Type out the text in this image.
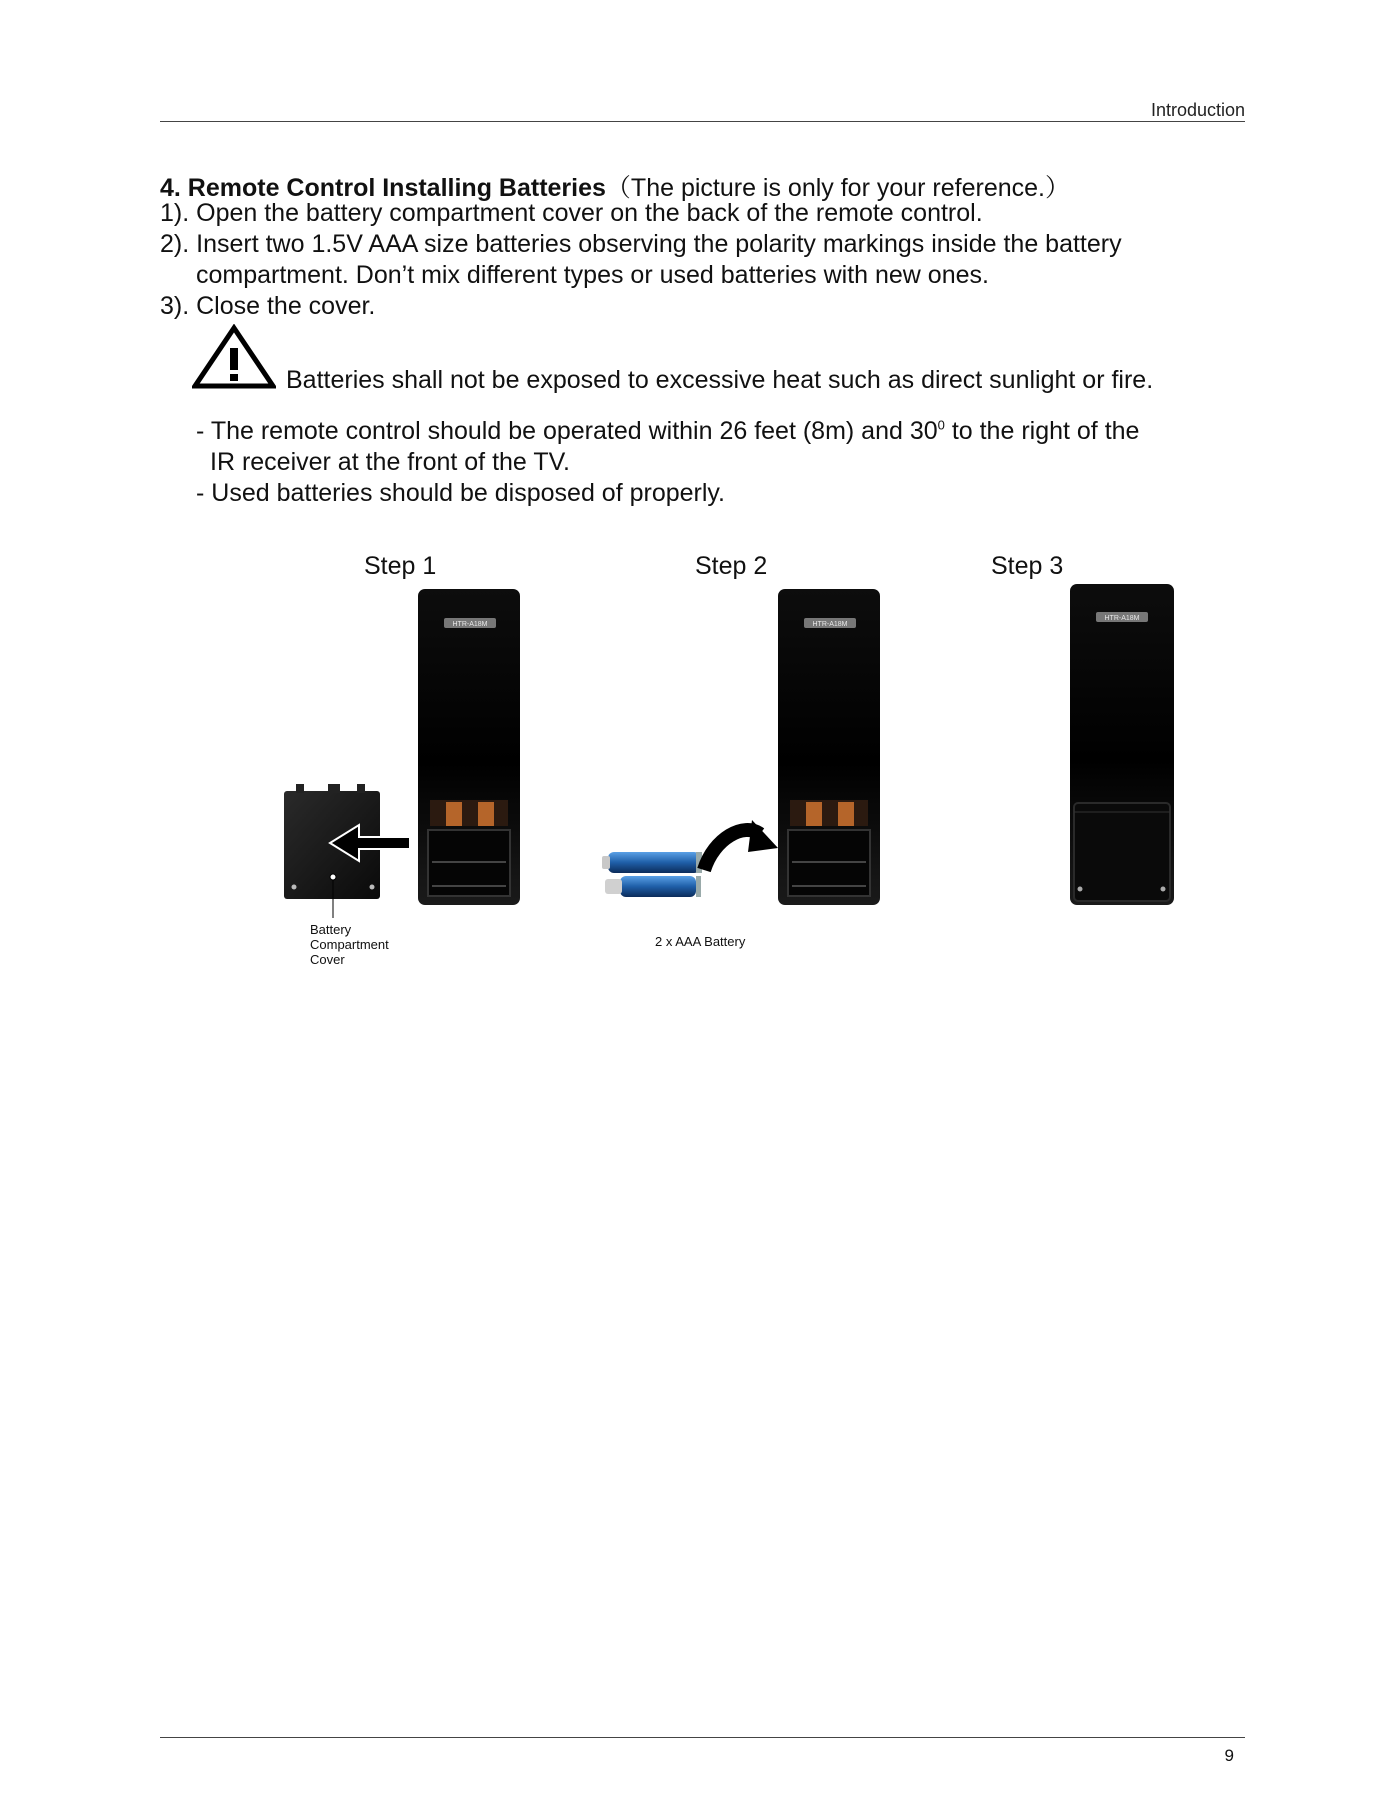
Introduction
4. Remote Control Installing Batteries（The picture is only for your reference.）
1). Open the battery compartment cover on the back of the remote control.
2). Insert two 1.5V AAA size batteries observing the polarity markings inside the battery
compartment. Don’t mix different types or used batteries with new ones.
3). Close the cover.
Batteries shall not be exposed to excessive heat such as direct sunlight or fire.
- The remote control should be operated within 26 feet (8m) and $30^0$ to the right of the
IR receiver at the front of the TV.
- Used batteries should be disposed of properly.
Step 1	Step 2	Step 3
HTR-A18M	HTR-A18M
HTR-A18M
Battery
Compartment
Cover
2 x AAA Battery
9
